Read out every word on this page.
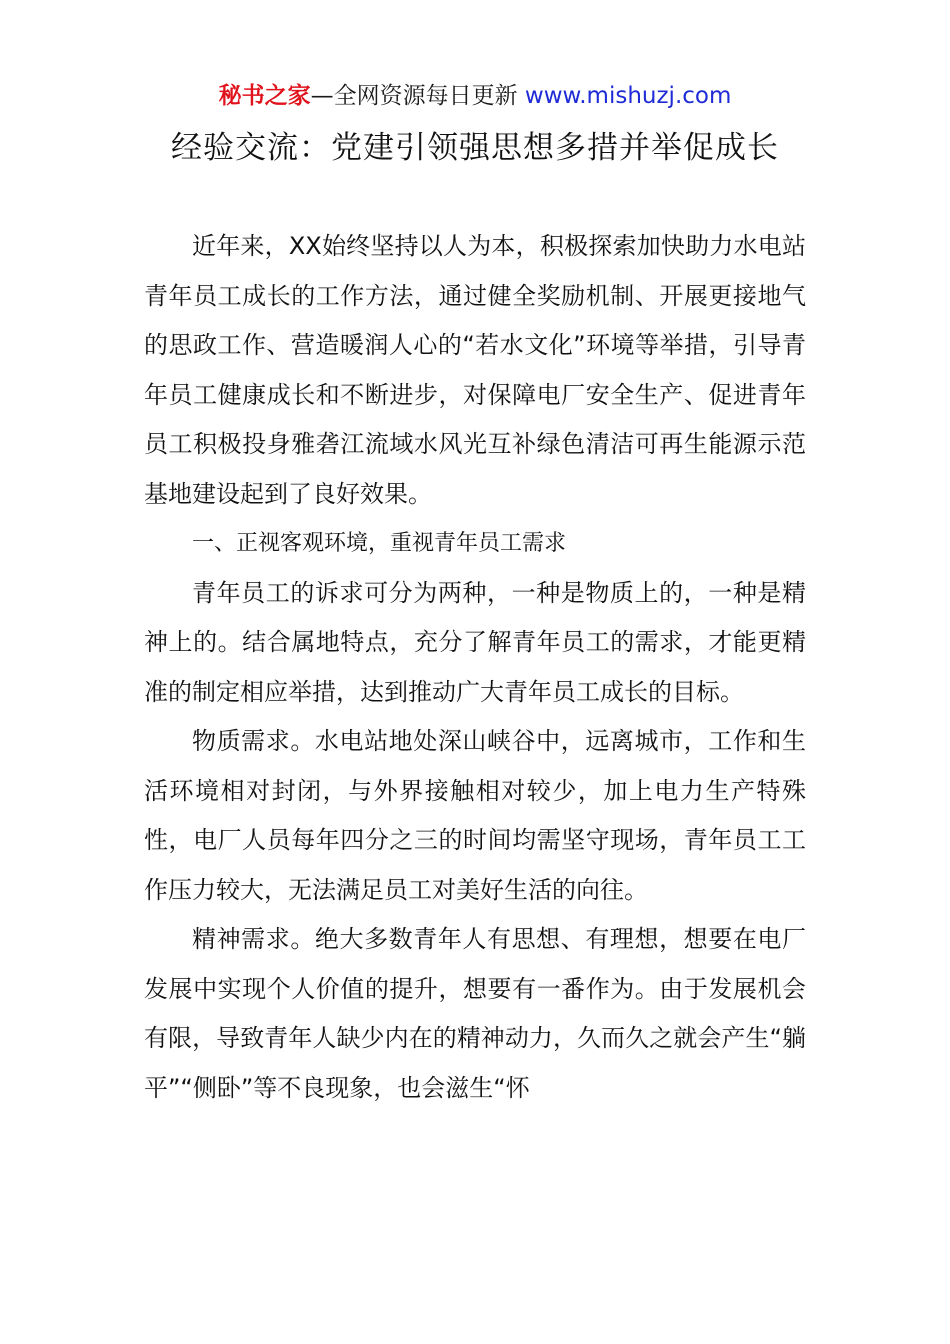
秘书之家—全网资源每日更新 www.mishuzj.com
经验交流：党建引领强思想多措并举促成长

近年来，XX始终坚持以人为本，积极探索加快助力水电站青年员工成长的工作方法，通过健全奖励机制、开展更接地气的思政工作、营造暖润人心的“若水文化”环境等举措，引导青年员工健康成长和不断进步，对保障电厂安全生产、促进青年员工积极投身雅砻江流域水风光互补绿色清洁可再生能源示范基地建设起到了良好效果。

一、正视客观环境，重视青年员工需求

青年员工的诉求可分为两种，一种是物质上的，一种是精神上的。结合属地特点，充分了解青年员工的需求，才能更精准的制定相应举措，达到推动广大青年员工成长的目标。

物质需求。水电站地处深山峡谷中，远离城市，工作和生活环境相对封闭，与外界接触相对较少，加上电力生产特殊性，电厂人员每年四分之三的时间均需坚守现场，青年员工工作压力较大，无法满足员工对美好生活的向往。

精神需求。绝大多数青年人有思想、有理想，想要在电厂发展中实现个人价值的提升，想要有一番作为。由于发展机会有限，导致青年人缺少内在的精神动力，久而久之就会产生“躺平”“侧卧”等不良现象，也会滋生“怀
